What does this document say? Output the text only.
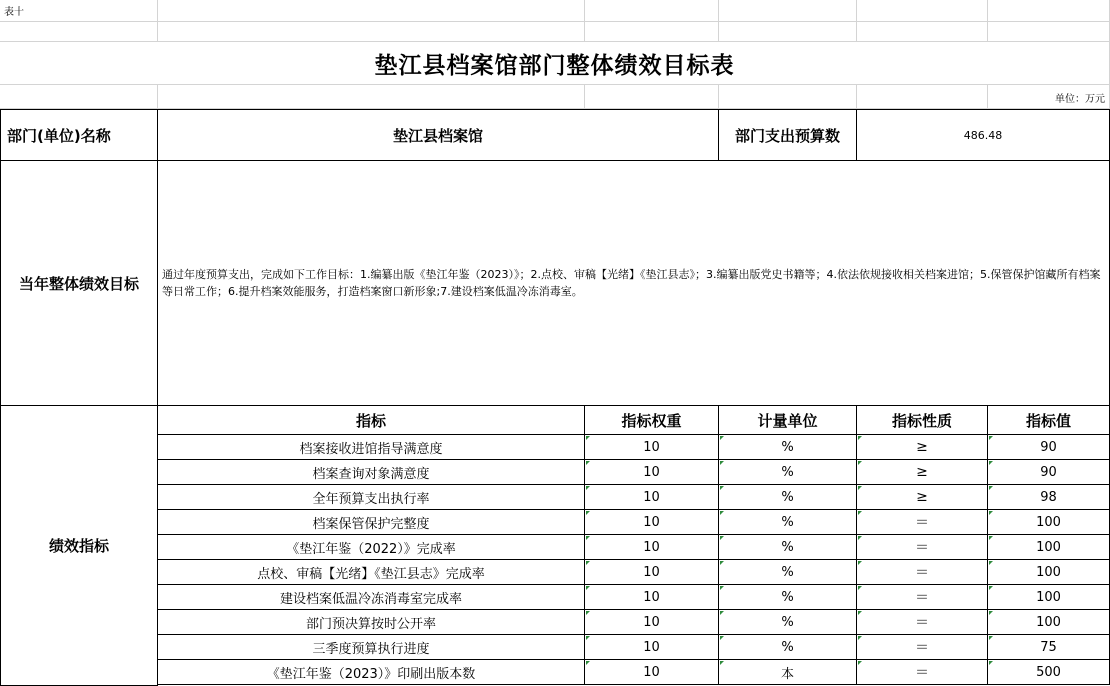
表十
垫江县档案馆部门整体绩效目标表
单位：万元
部门(单位)名称	垫江县档案馆	部门支出预算数	486.48
当年整体绩效目标 通过年度预算支出，完成如下工作目标：1.编纂出版《垫江年鉴（2023）》；2.点校、审稿【光绪】《垫江县志》；3.编纂出版党史书籍等；4.依法依规接收相关档案进馆；5.保管保护馆藏所有档案等日常工作；6.提升档案效能服务，打造档案窗口新形象;7.建设档案低温冷冻消毒室。
绩效指标
指标	指标权重	计量单位	指标性质	指标值
档案接收进馆指导满意度	10	%	≥	90
档案查询对象满意度	10	%	≥	90
全年预算支出执行率	10	%	≥	98
档案保管保护完整度	10	%	＝	100
《垫江年鉴（2022）》完成率	10	%	＝	100
点校、审稿【光绪】《垫江县志》完成率	10	%	＝	100
建设档案低温冷冻消毒室完成率	10	%	＝	100
部门预决算按时公开率	10	%	＝	100
三季度预算执行进度	10	%	＝	75
《垫江年鉴（2023）》印刷出版本数	10	本	＝	500
